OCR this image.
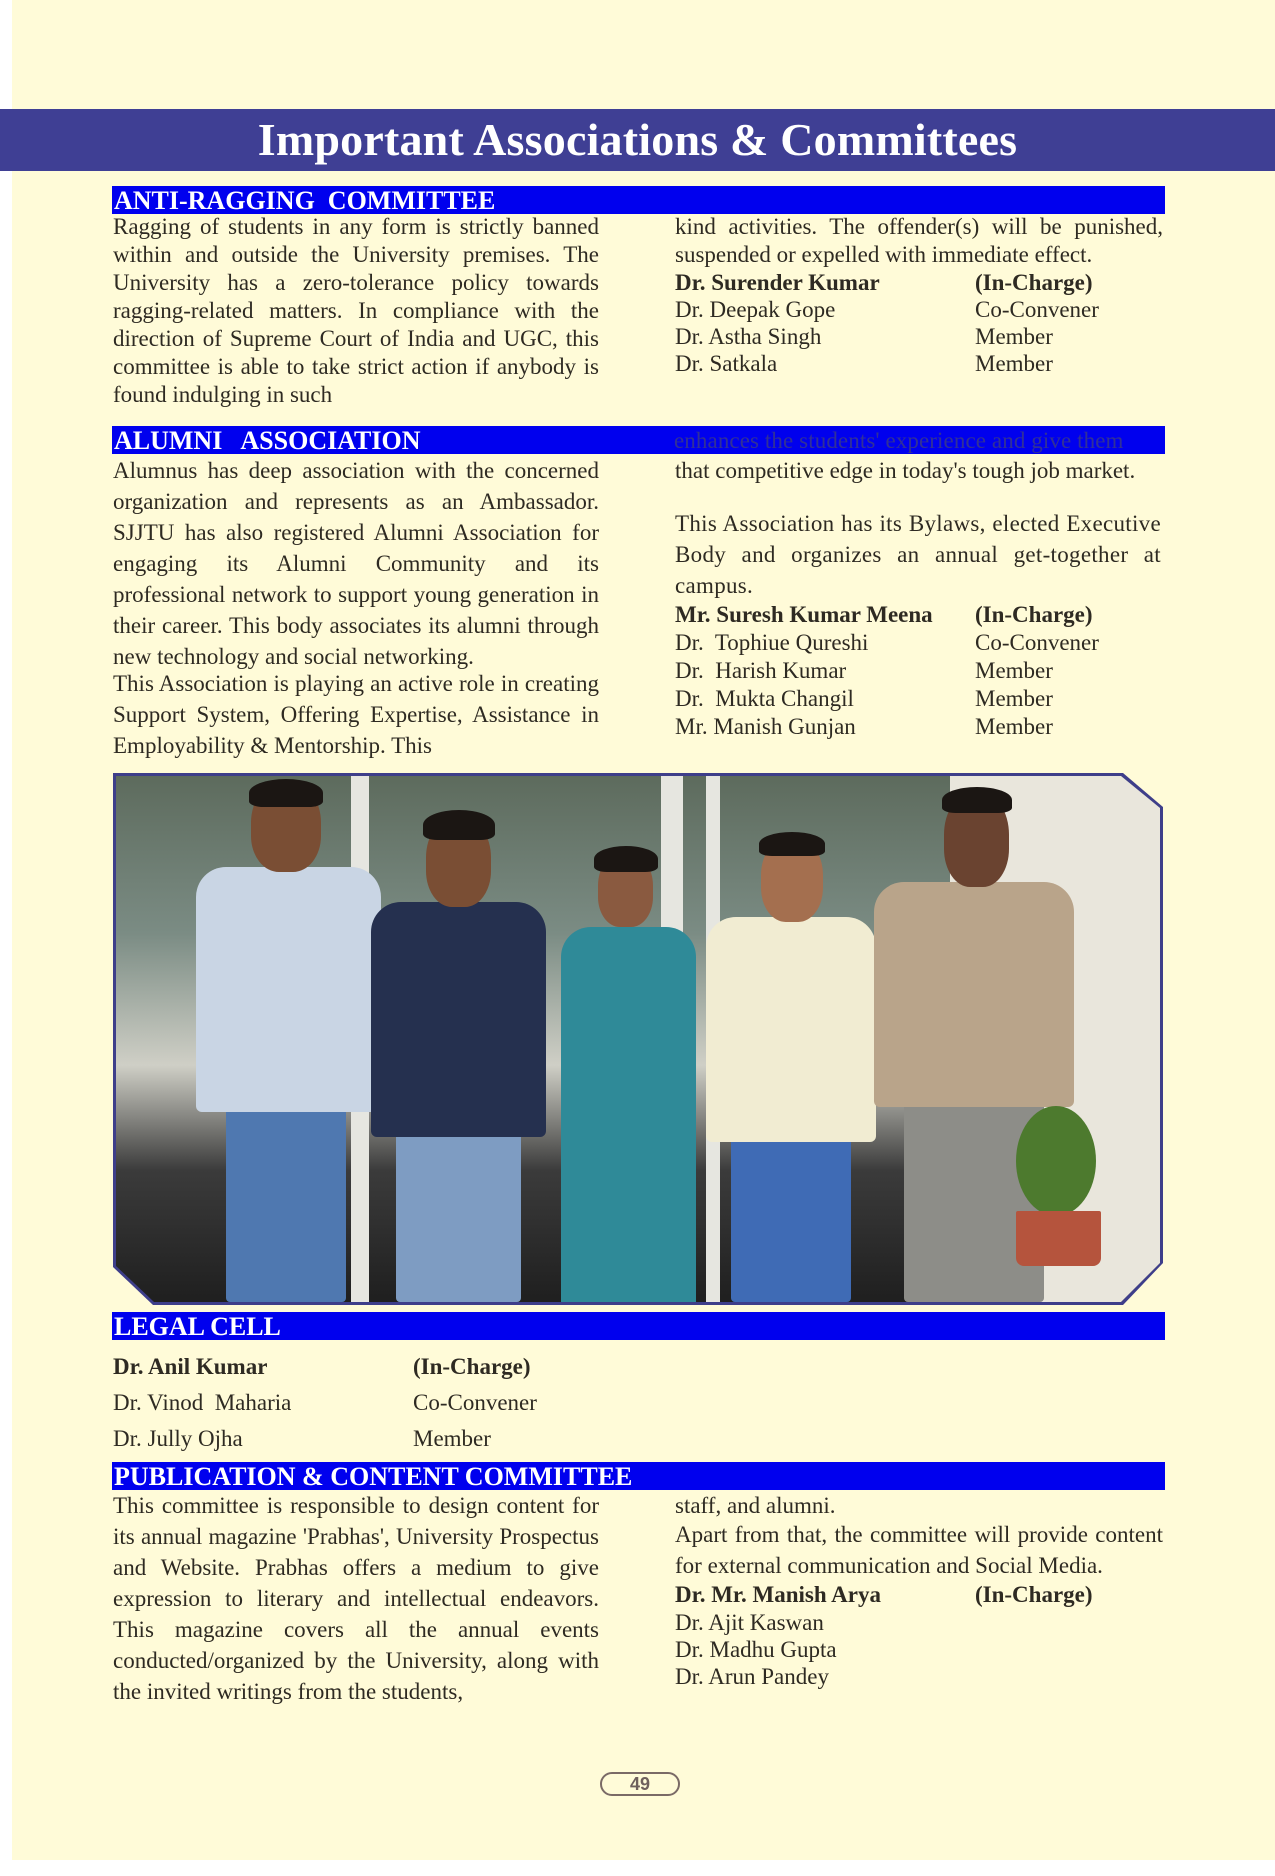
Important Associations & Committees
ANTI-RAGGING  COMMITTEE

Ragging of students in any form is strictly banned within and outside the University premises. The University has a zero-tolerance policy towards ragging-related matters. In compliance with the direction of Supreme Court of India and UGC, this committee is able to take strict action if anybody is found indulging in such

kind activities. The offender(s) will be punished, suspended or expelled with immediate effect.

Dr. Surender Kumar	(In-Charge)
Dr. Deepak Gope	Co-Convener
Dr. Astha Singh	Member
Dr. Satkala	Member
ALUMNI   ASSOCIATION	enhances the students' experience and give them

Alumnus has deep association with the concerned organization and represents as an Ambassador. SJJTU has also registered Alumni Association for engaging its Alumni Community and its professional network to support young generation in their career. This body associates its alumni through new technology and social networking.

This Association is playing an active role in creating Support System, Offering Expertise, Assistance in Employability & Mentorship. This

that competitive edge in today's tough job market.

This Association has its Bylaws, elected Executive Body and organizes an annual get-together at campus.

Mr. Suresh Kumar Meena	(In-Charge)
Dr.  Tophiue Qureshi	Co-Convener
Dr.  Harish Kumar	Member
Dr.  Mukta Changil	Member
Mr. Manish Gunjan	Member
LEGAL CELL
Dr. Anil Kumar	(In-Charge)
Dr. Vinod  Maharia	Co-Convener
Dr. Jully Ojha	Member
PUBLICATION & CONTENT COMMITTEE

This committee is responsible to design content for its annual magazine 'Prabhas', University Prospectus and Website. Prabhas offers a medium to give expression to literary and intellectual endeavors. This magazine covers all the annual events conducted/organized by the University, along with the invited writings from the students,

staff, and alumni.

Apart from that, the committee will provide content for external communication and Social Media.

Dr. Mr. Manish Arya	(In-Charge)
Dr. Ajit Kaswan
Dr. Madhu Gupta
Dr. Arun Pandey
49
